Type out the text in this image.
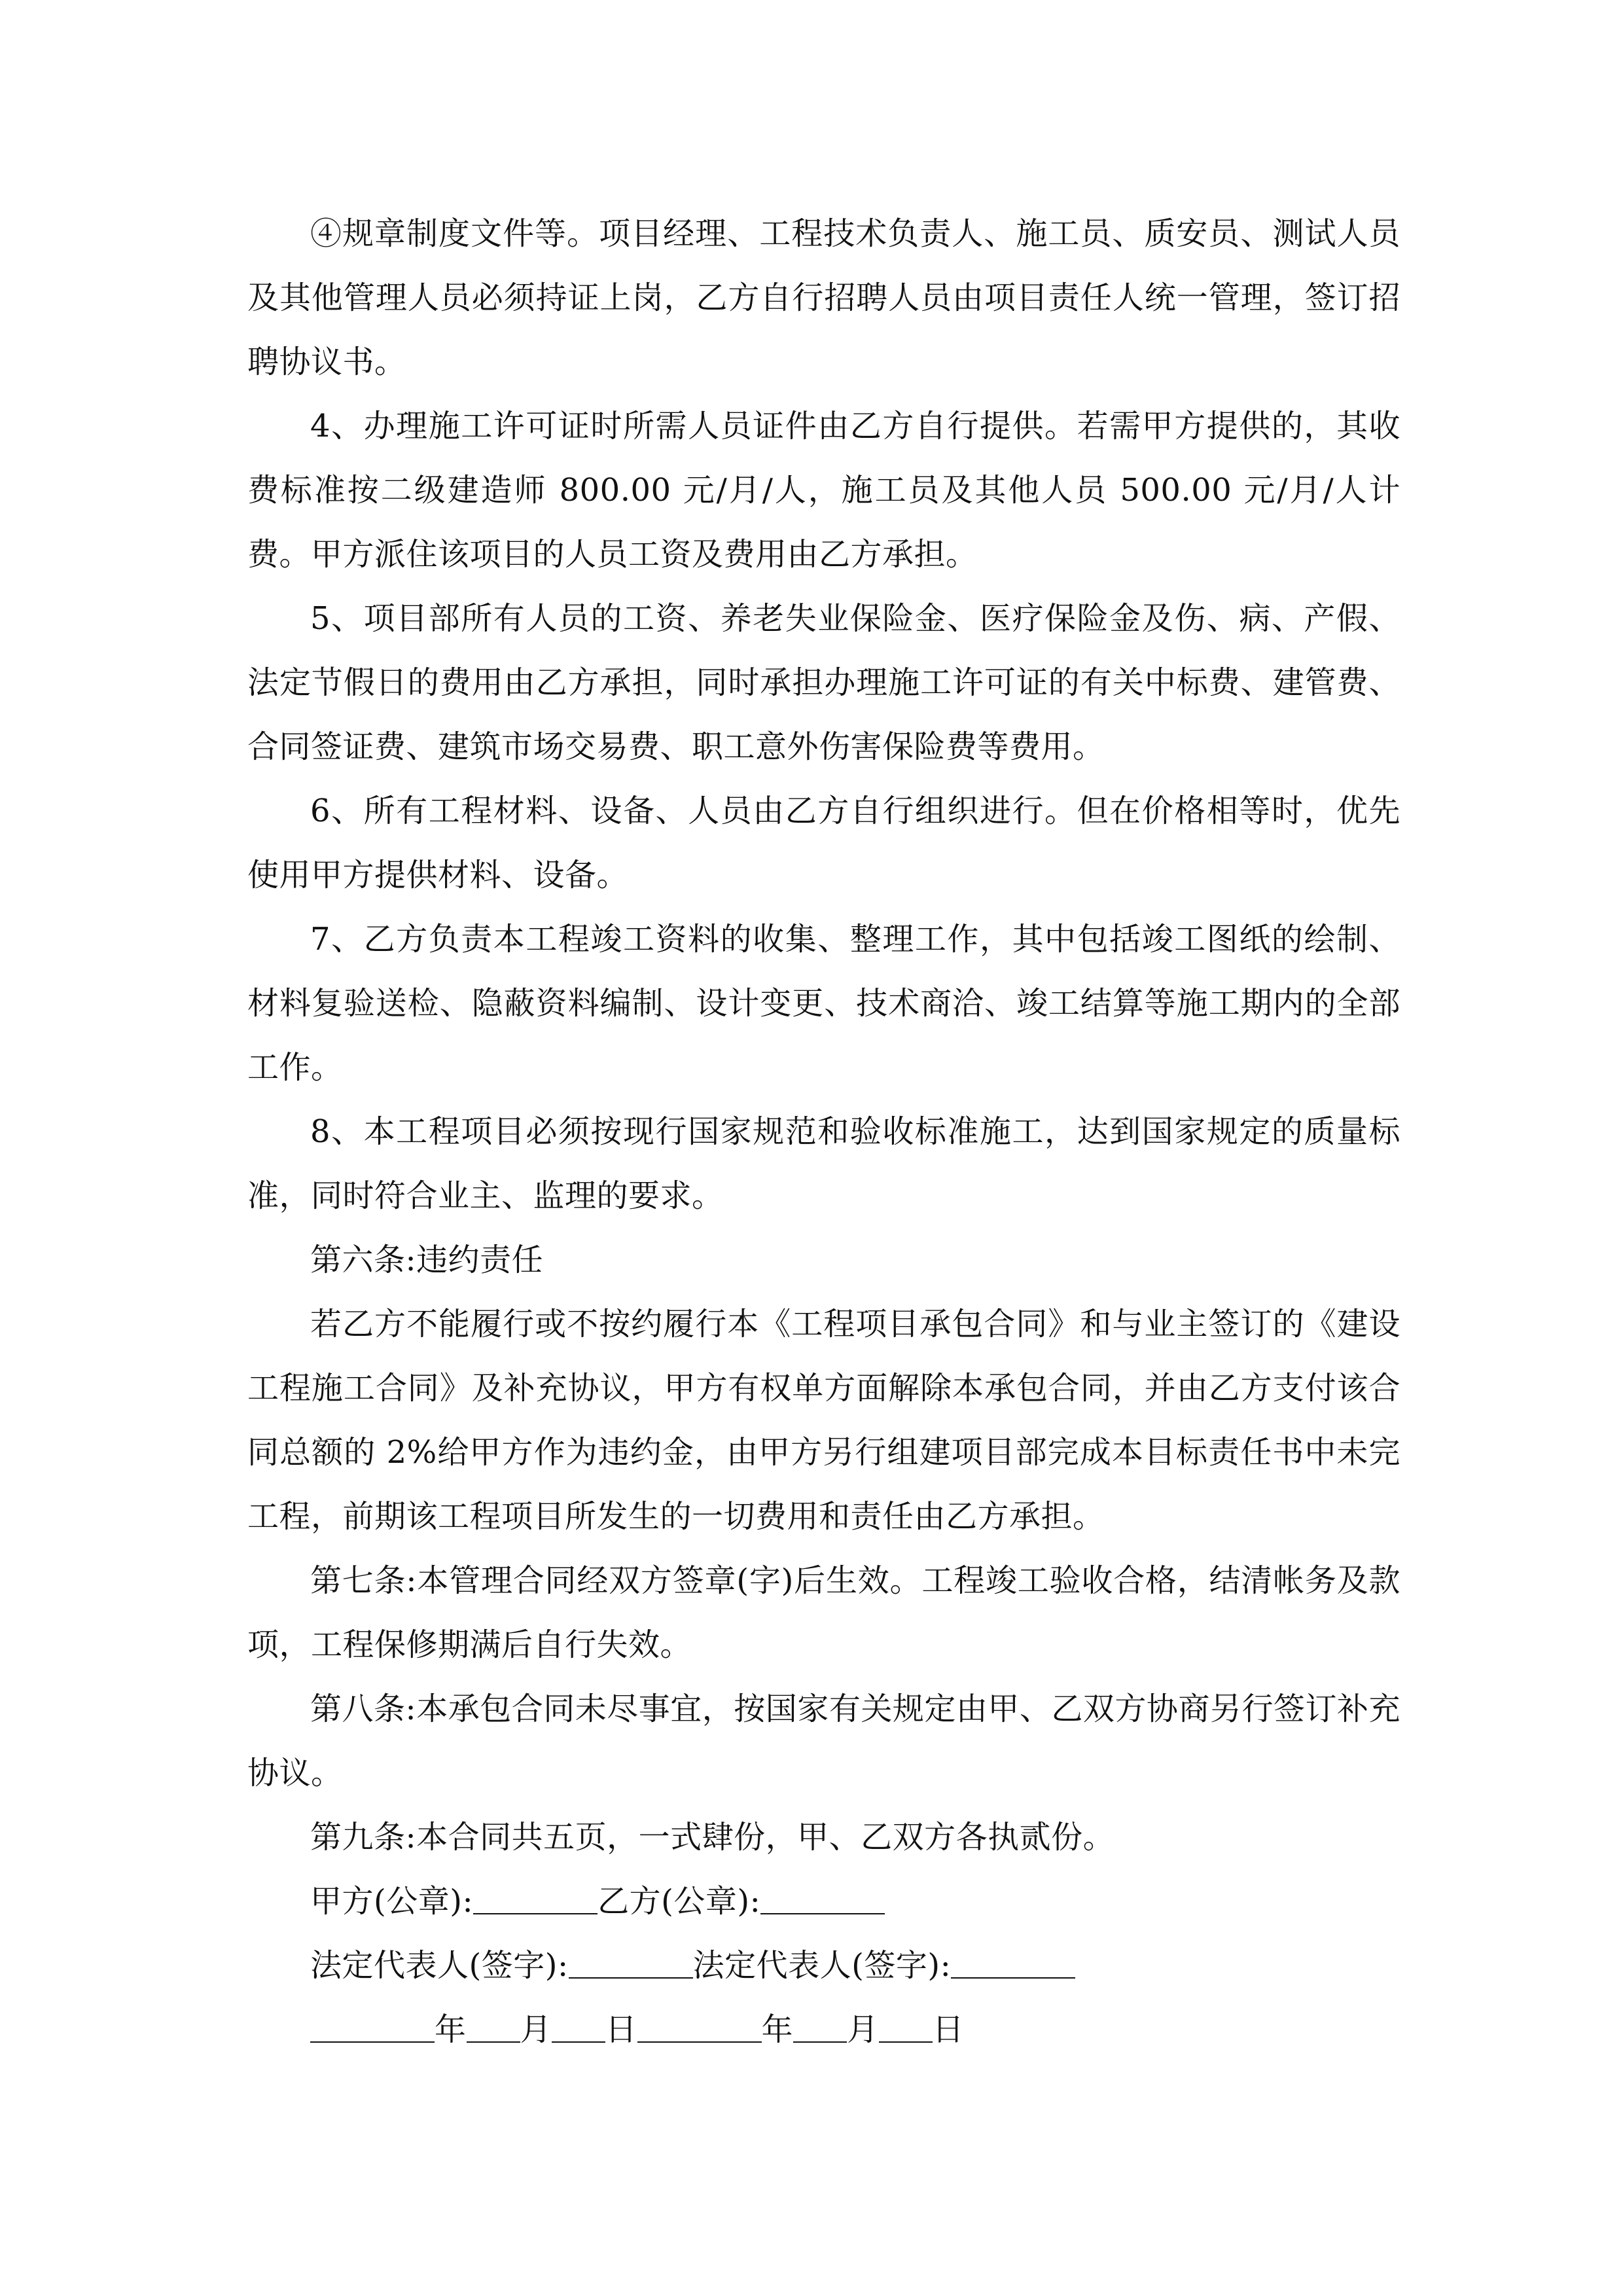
④规章制度文件等。项目经理、工程技术负责人、施工员、质安员、测试人员及其他管理人员必须持证上岗，乙方自行招聘人员由项目责任人统一管理，签订招聘协议书。

4、办理施工许可证时所需人员证件由乙方自行提供。若需甲方提供的，其收费标准按二级建造师 800.00 元/月/人，施工员及其他人员 500.00 元/月/人计费。甲方派住该项目的人员工资及费用由乙方承担。

5、项目部所有人员的工资、养老失业保险金、医疗保险金及伤、病、产假、法定节假日的费用由乙方承担，同时承担办理施工许可证的有关中标费、建管费、合同签证费、建筑市场交易费、职工意外伤害保险费等费用。

6、所有工程材料、设备、人员由乙方自行组织进行。但在价格相等时，优先使用甲方提供材料、设备。

7、乙方负责本工程竣工资料的收集、整理工作，其中包括竣工图纸的绘制、材料复验送检、隐蔽资料编制、设计变更、技术商洽、竣工结算等施工期内的全部工作。

8、本工程项目必须按现行国家规范和验收标准施工，达到国家规定的质量标准，同时符合业主、监理的要求。

第六条:违约责任

若乙方不能履行或不按约履行本《工程项目承包合同》和与业主签订的《建设工程施工合同》及补充协议，甲方有权单方面解除本承包合同，并由乙方支付该合同总额的 2%给甲方作为违约金，由甲方另行组建项目部完成本目标责任书中未完工程，前期该工程项目所发生的一切费用和责任由乙方承担。

第七条:本管理合同经双方签章(字)后生效。工程竣工验收合格，结清帐务及款项，工程保修期满后自行失效。

第八条:本承包合同未尽事宜，按国家有关规定由甲、乙双方协商另行签订补充协议。

第九条:本合同共五页，一式肆份，甲、乙双方各执贰份。

甲方(公章):	乙方(公章):

法定代表人(签字):	法定代表人(签字):

年 月 日	年 月 日
